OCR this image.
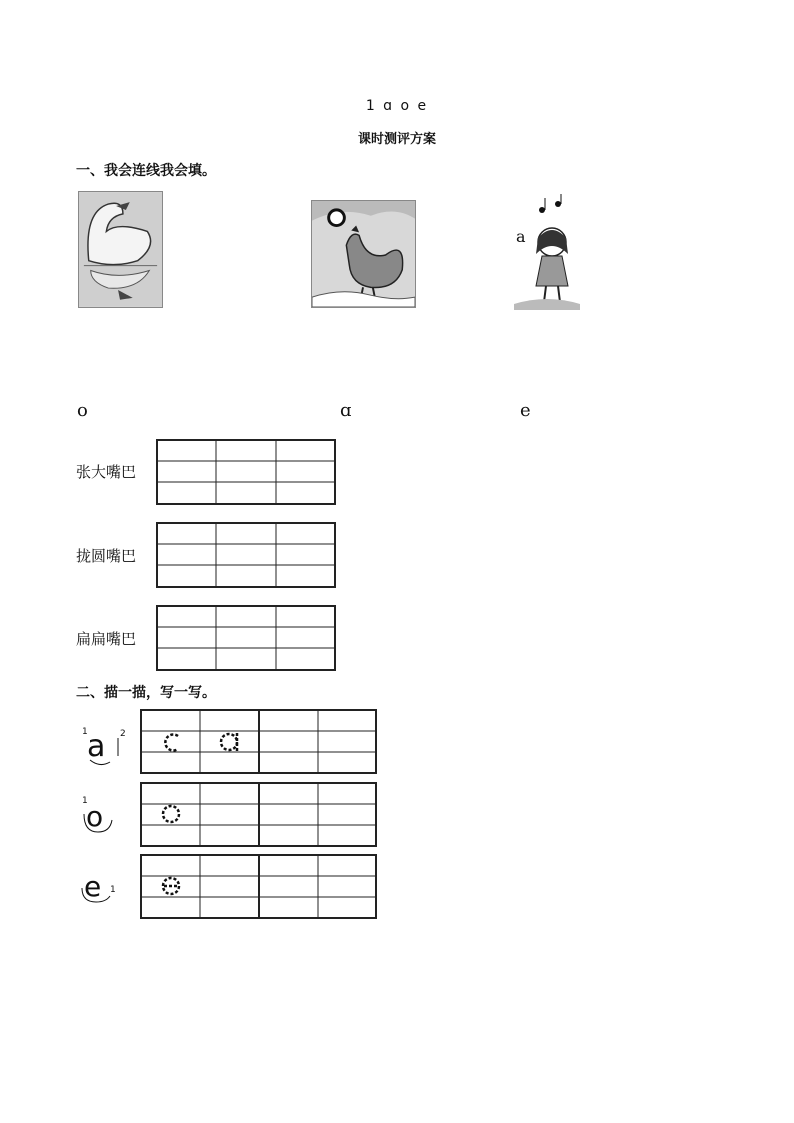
1 ɑ o e
课时测评方案
一、我会连线我会填。
a
o	ɑ	e
张大嘴巴
拢圆嘴巴
扁扁嘴巴
二、描一描，写一写。
1	2
a
1
o
1
e
